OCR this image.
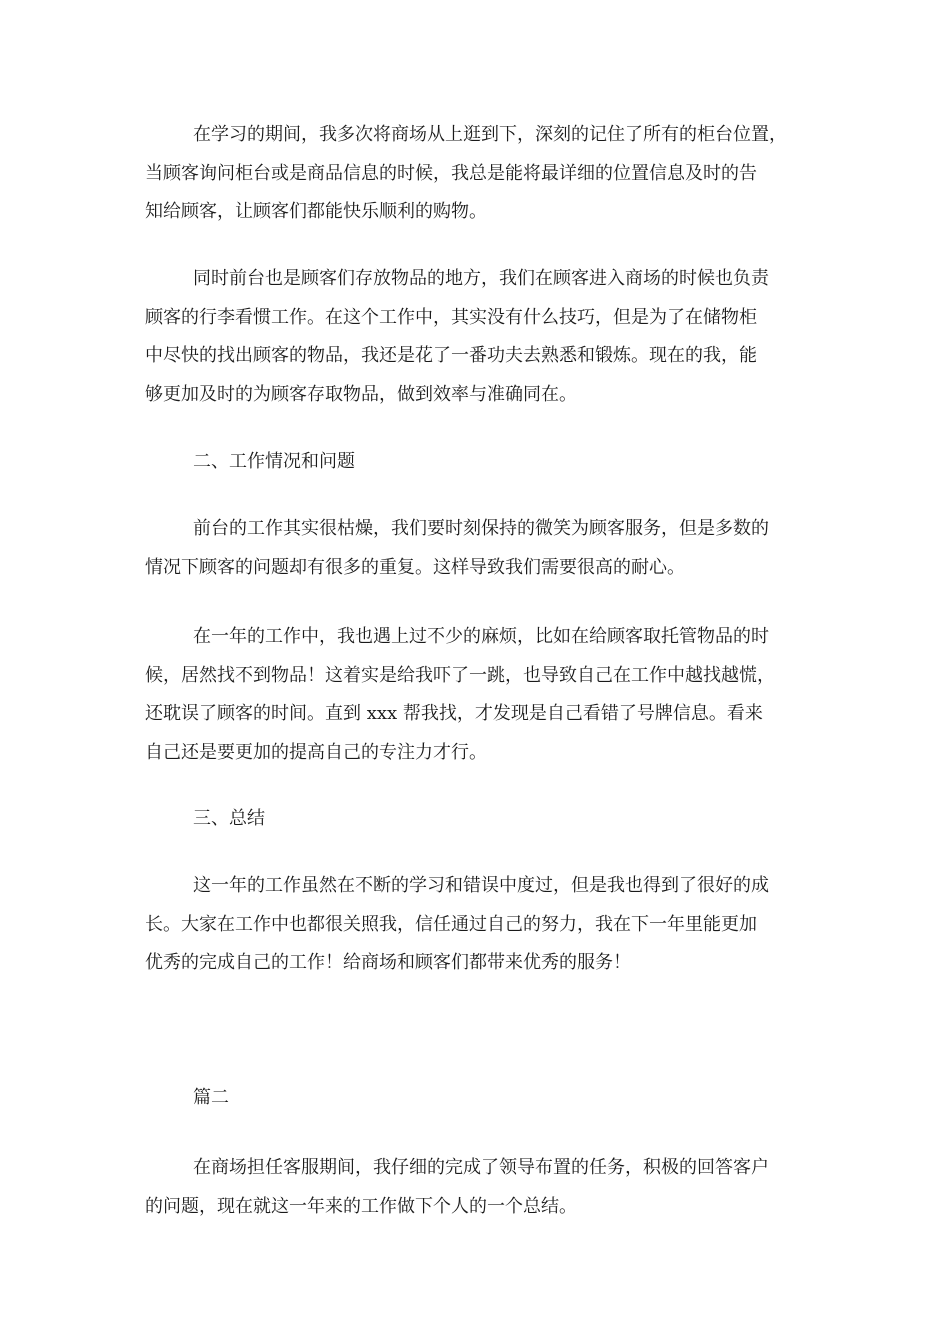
在学习的期间，我多次将商场从上逛到下，深刻的记住了所有的柜台位置，
当顾客询问柜台或是商品信息的时候，我总是能将最详细的位置信息及时的告
知给顾客，让顾客们都能快乐顺利的购物。
同时前台也是顾客们存放物品的地方，我们在顾客进入商场的时候也负责
顾客的行李看惯工作。在这个工作中，其实没有什么技巧，但是为了在储物柜
中尽快的找出顾客的物品，我还是花了一番功夫去熟悉和锻炼。现在的我，能
够更加及时的为顾客存取物品，做到效率与准确同在。
二、工作情况和问题
前台的工作其实很枯燥，我们要时刻保持的微笑为顾客服务，但是多数的
情况下顾客的问题却有很多的重复。这样导致我们需要很高的耐心。
在一年的工作中，我也遇上过不少的麻烦，比如在给顾客取托管物品的时
候，居然找不到物品！这着实是给我吓了一跳，也导致自己在工作中越找越慌，
还耽误了顾客的时间。直到 xxx 帮我找，才发现是自己看错了号牌信息。看来
自己还是要更加的提高自己的专注力才行。
三、总结
这一年的工作虽然在不断的学习和错误中度过，但是我也得到了很好的成
长。大家在工作中也都很关照我，信任通过自己的努力，我在下一年里能更加
优秀的完成自己的工作！给商场和顾客们都带来优秀的服务！
篇二
在商场担任客服期间，我仔细的完成了领导布置的任务，积极的回答客户
的问题，现在就这一年来的工作做下个人的一个总结。
